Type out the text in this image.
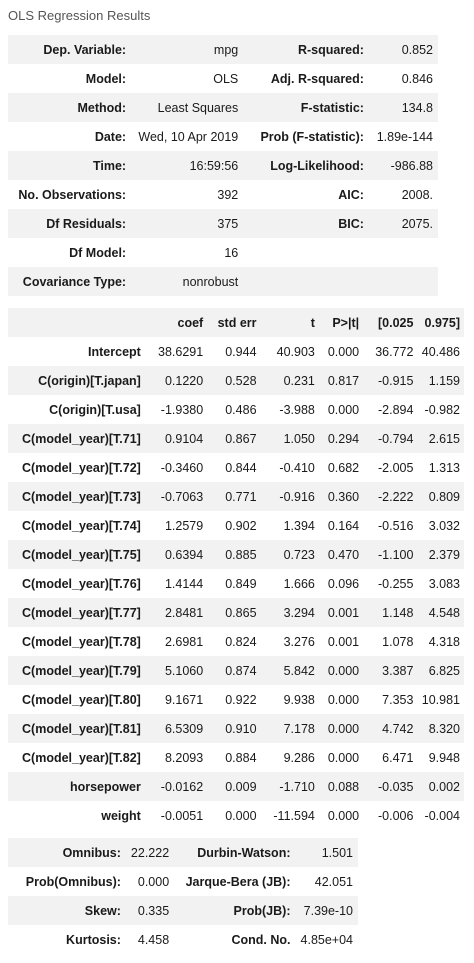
OLS Regression Results
Dep. Variable:	mpg	R-squared:	0.852
Model:	OLS	Adj. R-squared:	0.846
Method:	Least Squares	F-statistic:	134.8
Date:	Wed, 10 Apr 2019	Prob (F-statistic):	1.89e-144
Time:	16:59:56	Log-Likelihood:	-986.88
No. Observations:	392	AIC:	2008.
Df Residuals:	375	BIC:	2075.
Df Model:	16		
Covariance Type:	nonrobust		
	coef	std err	t	P>|t|	[0.025	0.975]
Intercept	38.6291	0.944	40.903	0.000	36.772	40.486
C(origin)[T.japan]	0.1220	0.528	0.231	0.817	-0.915	1.159
C(origin)[T.usa]	-1.9380	0.486	-3.988	0.000	-2.894	-0.982
C(model_year)[T.71]	0.9104	0.867	1.050	0.294	-0.794	2.615
C(model_year)[T.72]	-0.3460	0.844	-0.410	0.682	-2.005	1.313
C(model_year)[T.73]	-0.7063	0.771	-0.916	0.360	-2.222	0.809
C(model_year)[T.74]	1.2579	0.902	1.394	0.164	-0.516	3.032
C(model_year)[T.75]	0.6394	0.885	0.723	0.470	-1.100	2.379
C(model_year)[T.76]	1.4144	0.849	1.666	0.096	-0.255	3.083
C(model_year)[T.77]	2.8481	0.865	3.294	0.001	1.148	4.548
C(model_year)[T.78]	2.6981	0.824	3.276	0.001	1.078	4.318
C(model_year)[T.79]	5.1060	0.874	5.842	0.000	3.387	6.825
C(model_year)[T.80]	9.1671	0.922	9.938	0.000	7.353	10.981
C(model_year)[T.81]	6.5309	0.910	7.178	0.000	4.742	8.320
C(model_year)[T.82]	8.2093	0.884	9.286	0.000	6.471	9.948
horsepower	-0.0162	0.009	-1.710	0.088	-0.035	0.002
weight	-0.0051	0.000	-11.594	0.000	-0.006	-0.004
Omnibus:	22.222	Durbin-Watson:	1.501
Prob(Omnibus):	0.000	Jarque-Bera (JB):	42.051
Skew:	0.335	Prob(JB):	7.39e-10
Kurtosis:	4.458	Cond. No.	4.85e+04
